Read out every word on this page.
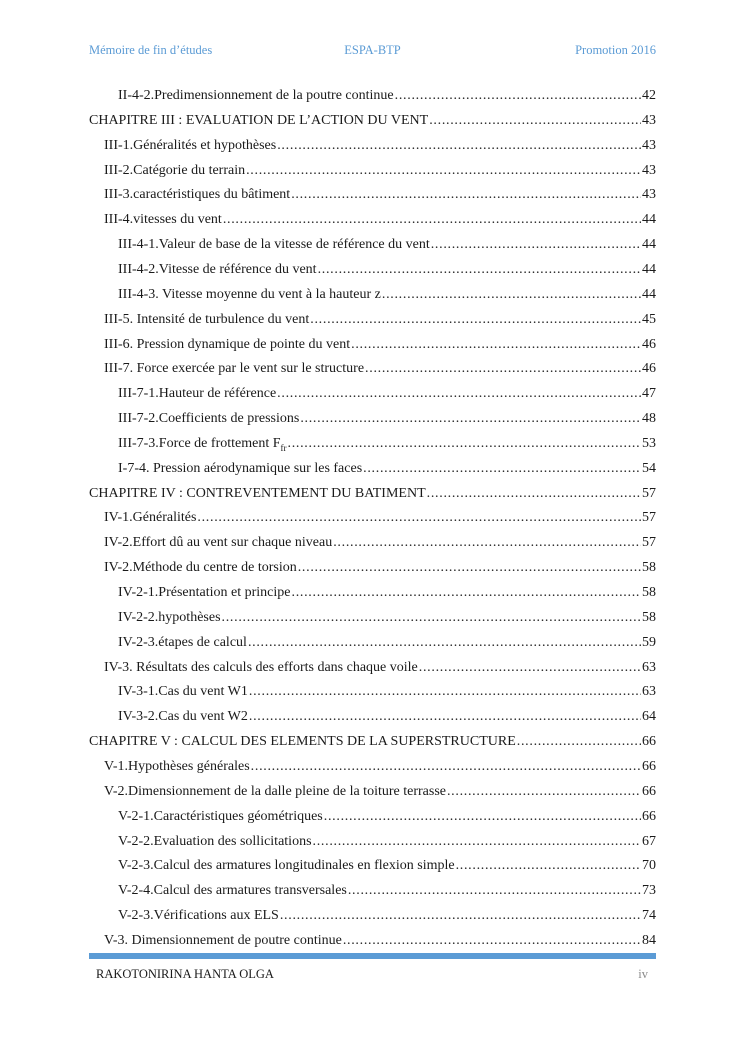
Mémoire de fin d’études	ESPA-BTP	Promotion 2016
II-4-2.Predimensionnement de la poutre continue . . .	42
CHAPITRE III : EVALUATION DE L’ACTION DU VENT . . .	43
III-1.Généralités et hypothèses . . .	43
III-2.Catégorie du terrain . . .	43
III-3.caractéristiques du bâtiment . . .	43
III-4.vitesses du vent . . .	44
III-4-1.Valeur de base de la vitesse de référence du vent . . .	44
III-4-2.Vitesse de référence du vent . . .	44
III-4-3. Vitesse moyenne du vent à la hauteur z . . .	44
III-5. Intensité de turbulence du vent . . .	45
III-6. Pression dynamique de pointe du vent . . .	46
III-7. Force exercée par le vent sur le structure . . .	46
III-7-1.Hauteur de référence . . .	47
III-7-2.Coefficients de pressions . . .	48
III-7-3.Force de frottement $F_{fr}$ . . .	53
I-7-4. Pression aérodynamique sur les faces . . .	54
CHAPITRE IV : CONTREVENTEMENT DU BATIMENT . . .	57
IV-1.Généralités . . .	57
IV-2.Effort dû au vent sur chaque niveau . . .	57
IV-2.Méthode du centre de torsion . . .	58
IV-2-1.Présentation et principe . . .	58
IV-2-2.hypothèses . . .	58
IV-2-3.étapes de calcul . . .	59
IV-3. Résultats des calculs des efforts dans chaque voile . . .	63
IV-3-1.Cas du vent W1 . . .	63
IV-3-2.Cas du vent W2 . . .	64
CHAPITRE V : CALCUL DES ELEMENTS DE LA SUPERSTRUCTURE . . .	66
V-1.Hypothèses générales . . .	66
V-2.Dimensionnement de la dalle pleine de la toiture terrasse . . .	66
V-2-1.Caractéristiques géométriques . . .	66
V-2-2.Evaluation des sollicitations . . .	67
V-2-3.Calcul des armatures longitudinales en flexion simple . . .	70
V-2-4.Calcul des armatures transversales . . .	73
V-2-3.Vérifications aux ELS . . .	74
V-3. Dimensionnement de poutre continue . . .	84
RAKOTONIRINA HANTA OLGA	iv
